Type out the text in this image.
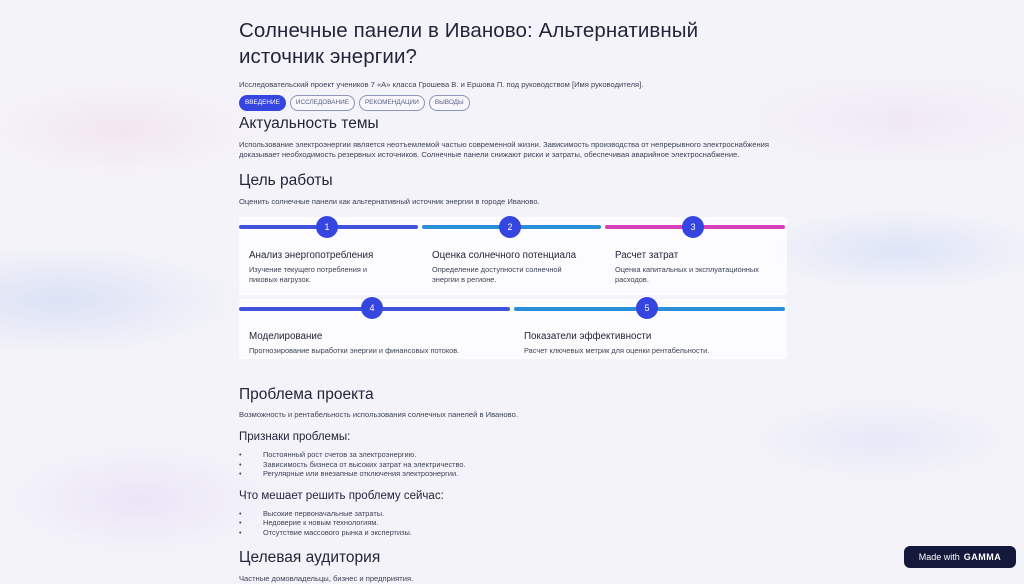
Солнечные панели в Иваново: Альтернативный источник энергии?
Исследовательский проект учеников 7 «А» класса Грошева В. и Ершова П. под руководством [Имя руководителя].
ВВЕДЕНИЕ	ИССЛЕДОВАНИЕ	РЕКОМЕНДАЦИИ	ВЫВОДЫ
Актуальность темы
Использование электроэнергии является неотъемлемой частью современной жизни. Зависимость производства от непрерывного электроснабжения доказывает необходимость резервных источников. Солнечные панели снижают риски и затраты, обеспечивая аварийное электроснабжение.
Цель работы
Оценить солнечные панели как альтернативный источник энергии в городе Иваново.
1	2	3
Анализ энергопотребления	Оценка солнечного потенциала	Расчет затрат
Изучение текущего потребления и пиковых нагрузок.
Определение доступности солнечной энергии в регионе.
Оценка капитальных и эксплуатационных расходов.
4	5
Моделирование	Показатели эффективности
Прогнозирование выработки энергии и финансовых потоков.	Расчет ключевых метрик для оценки рентабельности.
Проблема проекта
Возможность и рентабельность использования солнечных панелей в Иваново.
Признаки проблемы:
• Постоянный рост счетов за электроэнергию.
• Зависимость бизнеса от высоких затрат на электричество.
• Регулярные или внезапные отключения электроэнергии.
Что мешает решить проблему сейчас:
• Высокие первоначальные затраты.
• Недоверие к новым технологиям.
• Отсутствие массового рынка и экспертизы.
Целевая аудитория
Частные домовладельцы, бизнес и предприятия.
Made with GAMMA
